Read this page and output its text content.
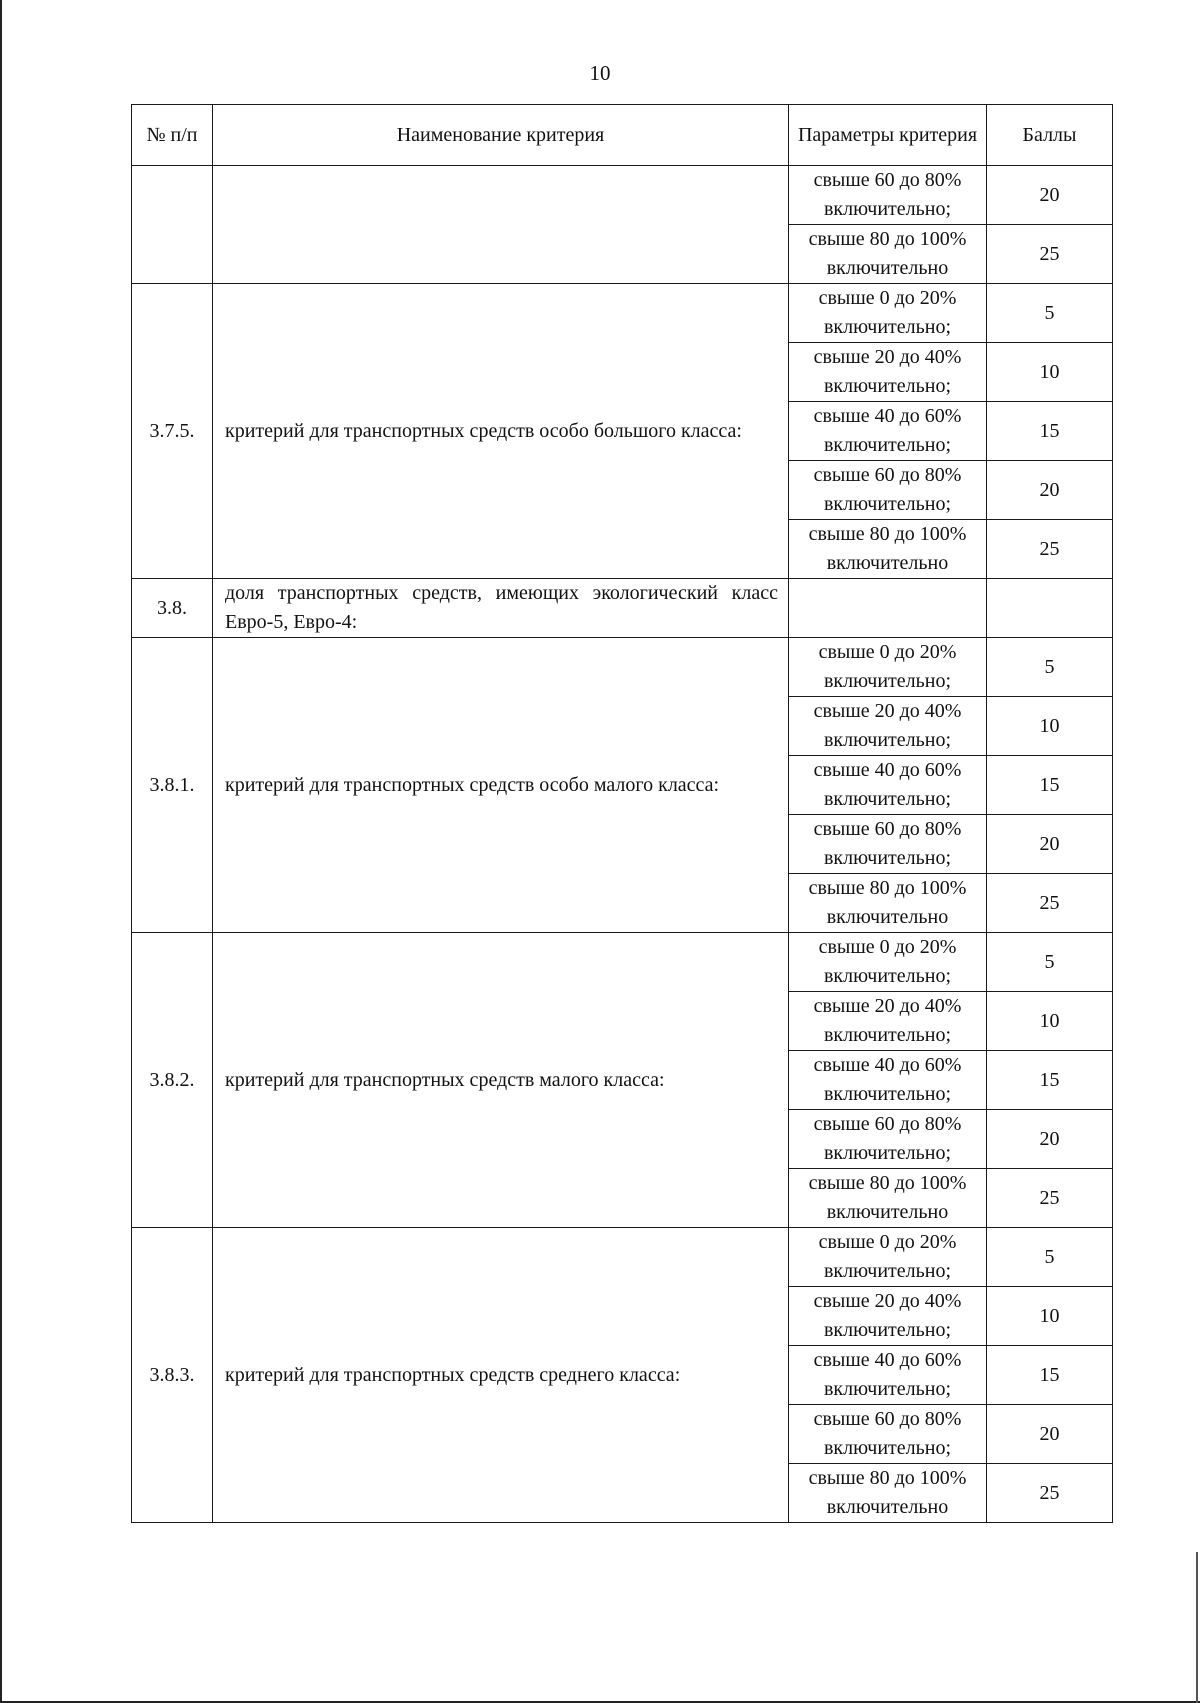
10
№ п/п	Наименование критерия	Параметры критерия	Баллы
		свыше 60 до 80% включительно;	20
		свыше 80 до 100% включительно	25
3.7.5.	критерий для транспортных средств особо большого класса:	свыше 0 до 20% включительно;	5
		свыше 20 до 40% включительно;	10
		свыше 40 до 60% включительно;	15
		свыше 60 до 80% включительно;	20
		свыше 80 до 100% включительно	25
3.8.	доля транспортных средств, имеющих экологический класс Евро-5, Евро-4:		
3.8.1.	критерий для транспортных средств особо малого класса:	свыше 0 до 20% включительно;	5
		свыше 20 до 40% включительно;	10
		свыше 40 до 60% включительно;	15
		свыше 60 до 80% включительно;	20
		свыше 80 до 100% включительно	25
3.8.2.	критерий для транспортных средств малого класса:	свыше 0 до 20% включительно;	5
		свыше 20 до 40% включительно;	10
		свыше 40 до 60% включительно;	15
		свыше 60 до 80% включительно;	20
		свыше 80 до 100% включительно	25
3.8.3.	критерий для транспортных средств среднего класса:	свыше 0 до 20% включительно;	5
		свыше 20 до 40% включительно;	10
		свыше 40 до 60% включительно;	15
		свыше 60 до 80% включительно;	20
		свыше 80 до 100% включительно	25
